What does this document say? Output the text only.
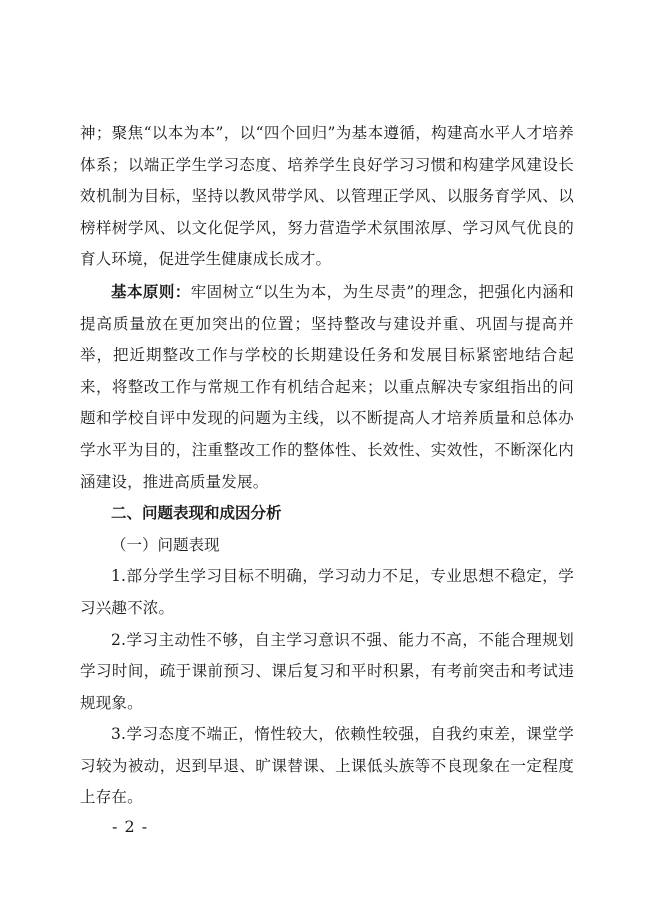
神；聚焦“以本为本”，以“四个回归”为基本遵循，构建高水平人才培养体系；以端正学生学习态度、培养学生良好学习习惯和构建学风建设长效机制为目标，坚持以教风带学风、以管理正学风、以服务育学风、以榜样树学风、以文化促学风，努力营造学术氛围浓厚、学习风气优良的育人环境，促进学生健康成长成才。

基本原则：牢固树立“以生为本，为生尽责”的理念，把强化内涵和提高质量放在更加突出的位置；坚持整改与建设并重、巩固与提高并举，把近期整改工作与学校的长期建设任务和发展目标紧密地结合起来，将整改工作与常规工作有机结合起来；以重点解决专家组指出的问题和学校自评中发现的问题为主线，以不断提高人才培养质量和总体办学水平为目的，注重整改工作的整体性、长效性、实效性，不断深化内涵建设，推进高质量发展。

二、问题表现和成因分析

（一）问题表现

1.部分学生学习目标不明确，学习动力不足，专业思想不稳定，学习兴趣不浓。

2.学习主动性不够，自主学习意识不强、能力不高，不能合理规划学习时间，疏于课前预习、课后复习和平时积累，有考前突击和考试违规现象。

3.学习态度不端正，惰性较大，依赖性较强，自我约束差，课堂学习较为被动，迟到早退、旷课替课、上课低头族等不良现象在一定程度上存在。

- 2 -
